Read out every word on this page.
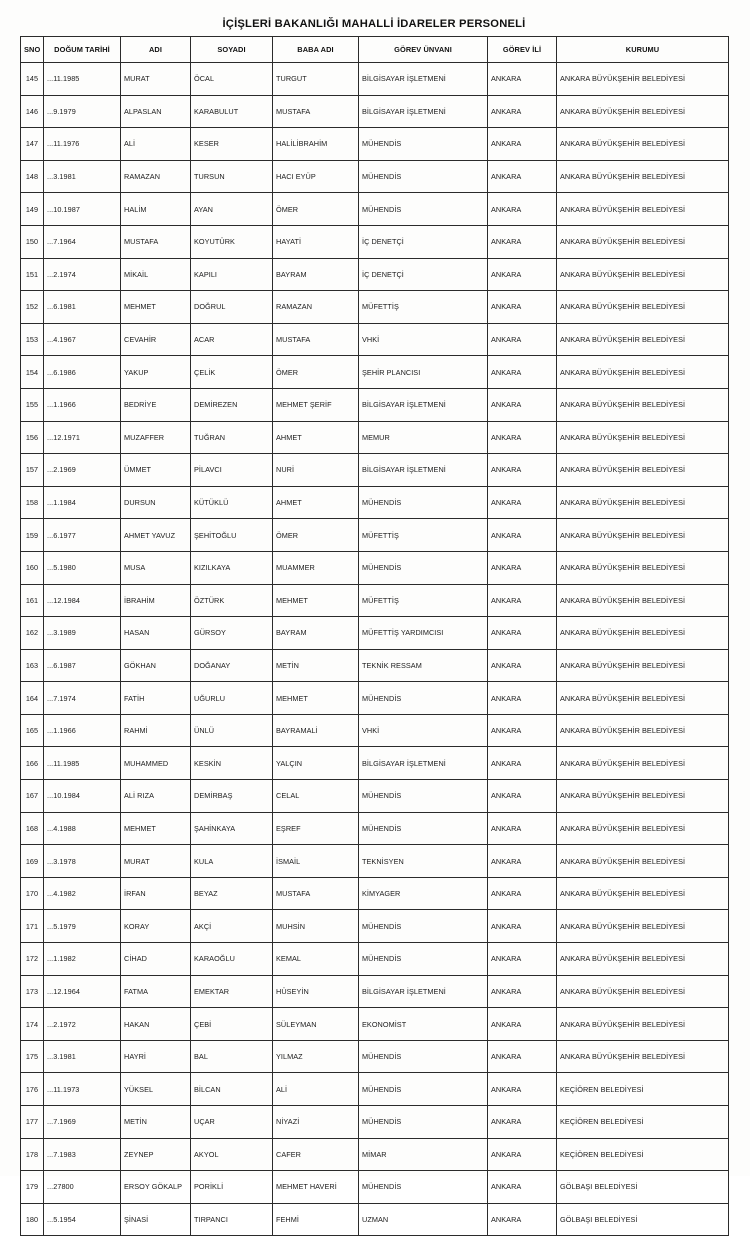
İÇİŞLERİ BAKANLIĞI MAHALLİ İDARELER PERSONELİ
SNO	DOĞUM TARİHİ	ADI	SOYADI	BABA ADI	GÖREV ÜNVANI	GÖREV İLİ	KURUMU
145	...11.1985	MURAT	ÖCAL	TURGUT	BİLGİSAYAR İŞLETMENİ	ANKARA	ANKARA BÜYÜKŞEHİR BELEDİYESİ
146	...9.1979	ALPASLAN	KARABULUT	MUSTAFA	BİLGİSAYAR İŞLETMENİ	ANKARA	ANKARA BÜYÜKŞEHİR BELEDİYESİ
147	...11.1976	ALİ	KESER	HALİLİBRAHİM	MÜHENDİS	ANKARA	ANKARA BÜYÜKŞEHİR BELEDİYESİ
148	...3.1981	RAMAZAN	TURSUN	HACI EYÜP	MÜHENDİS	ANKARA	ANKARA BÜYÜKŞEHİR BELEDİYESİ
149	...10.1987	HALİM	AYAN	ÖMER	MÜHENDİS	ANKARA	ANKARA BÜYÜKŞEHİR BELEDİYESİ
150	...7.1964	MUSTAFA	KOYUTÜRK	HAYATİ	İÇ DENETÇİ	ANKARA	ANKARA BÜYÜKŞEHİR BELEDİYESİ
151	...2.1974	MİKAİL	KAPILI	BAYRAM	İÇ DENETÇİ	ANKARA	ANKARA BÜYÜKŞEHİR BELEDİYESİ
152	...6.1981	MEHMET	DOĞRUL	RAMAZAN	MÜFETTİŞ	ANKARA	ANKARA BÜYÜKŞEHİR BELEDİYESİ
153	...4.1967	CEVAHİR	ACAR	MUSTAFA	VHKİ	ANKARA	ANKARA BÜYÜKŞEHİR BELEDİYESİ
154	...6.1986	YAKUP	ÇELİK	ÖMER	ŞEHİR PLANCISI	ANKARA	ANKARA BÜYÜKŞEHİR BELEDİYESİ
155	...1.1966	BEDRİYE	DEMİREZEN	MEHMET ŞERİF	BİLGİSAYAR İŞLETMENİ	ANKARA	ANKARA BÜYÜKŞEHİR BELEDİYESİ
156	...12.1971	MUZAFFER	TUĞRAN	AHMET	MEMUR	ANKARA	ANKARA BÜYÜKŞEHİR BELEDİYESİ
157	...2.1969	ÜMMET	PİLAVCI	NURİ	BİLGİSAYAR İŞLETMENİ	ANKARA	ANKARA BÜYÜKŞEHİR BELEDİYESİ
158	...1.1984	DURSUN	KÜTÜKLÜ	AHMET	MÜHENDİS	ANKARA	ANKARA BÜYÜKŞEHİR BELEDİYESİ
159	...6.1977	AHMET YAVUZ	ŞEHİTOĞLU	ÖMER	MÜFETTİŞ	ANKARA	ANKARA BÜYÜKŞEHİR BELEDİYESİ
160	...5.1980	MUSA	KIZILKAYA	MUAMMER	MÜHENDİS	ANKARA	ANKARA BÜYÜKŞEHİR BELEDİYESİ
161	...12.1984	İBRAHİM	ÖZTÜRK	MEHMET	MÜFETTİŞ	ANKARA	ANKARA BÜYÜKŞEHİR BELEDİYESİ
162	...3.1989	HASAN	GÜRSOY	BAYRAM	MÜFETTİŞ YARDIMCISI	ANKARA	ANKARA BÜYÜKŞEHİR BELEDİYESİ
163	...6.1987	GÖKHAN	DOĞANAY	METİN	TEKNİK RESSAM	ANKARA	ANKARA BÜYÜKŞEHİR BELEDİYESİ
164	...7.1974	FATİH	UĞURLU	MEHMET	MÜHENDİS	ANKARA	ANKARA BÜYÜKŞEHİR BELEDİYESİ
165	...1.1966	RAHMİ	ÜNLÜ	BAYRAMALİ	VHKİ	ANKARA	ANKARA BÜYÜKŞEHİR BELEDİYESİ
166	...11.1985	MUHAMMED	KESKİN	YALÇIN	BİLGİSAYAR İŞLETMENİ	ANKARA	ANKARA BÜYÜKŞEHİR BELEDİYESİ
167	...10.1984	ALİ RIZA	DEMİRBAŞ	CELAL	MÜHENDİS	ANKARA	ANKARA BÜYÜKŞEHİR BELEDİYESİ
168	...4.1988	MEHMET	ŞAHİNKAYA	EŞREF	MÜHENDİS	ANKARA	ANKARA BÜYÜKŞEHİR BELEDİYESİ
169	...3.1978	MURAT	KULA	İSMAİL	TEKNİSYEN	ANKARA	ANKARA BÜYÜKŞEHİR BELEDİYESİ
170	...4.1982	İRFAN	BEYAZ	MUSTAFA	KİMYAGER	ANKARA	ANKARA BÜYÜKŞEHİR BELEDİYESİ
171	...5.1979	KORAY	AKÇİ	MUHSİN	MÜHENDİS	ANKARA	ANKARA BÜYÜKŞEHİR BELEDİYESİ
172	...1.1982	CİHAD	KARAOĞLU	KEMAL	MÜHENDİS	ANKARA	ANKARA BÜYÜKŞEHİR BELEDİYESİ
173	...12.1964	FATMA	EMEKTAR	HÜSEYİN	BİLGİSAYAR İŞLETMENİ	ANKARA	ANKARA BÜYÜKŞEHİR BELEDİYESİ
174	...2.1972	HAKAN	ÇEBİ	SÜLEYMAN	EKONOMİST	ANKARA	ANKARA BÜYÜKŞEHİR BELEDİYESİ
175	...3.1981	HAYRİ	BAL	YILMAZ	MÜHENDİS	ANKARA	ANKARA BÜYÜKŞEHİR BELEDİYESİ
176	...11.1973	YÜKSEL	BİLCAN	ALİ	MÜHENDİS	ANKARA	KEÇİÖREN BELEDİYESİ
177	...7.1969	METİN	UÇAR	NİYAZİ	MÜHENDİS	ANKARA	KEÇİÖREN BELEDİYESİ
178	...7.1983	ZEYNEP	AKYOL	CAFER	MİMAR	ANKARA	KEÇİÖREN BELEDİYESİ
179	...27800	ERSOY GÖKALP	PORİKLİ	MEHMET HAVERİ	MÜHENDİS	ANKARA	GÖLBAŞI BELEDİYESİ
180	...5.1954	ŞİNASİ	TIRPANCI	FEHMİ	UZMAN	ANKARA	GÖLBAŞI BELEDİYESİ
